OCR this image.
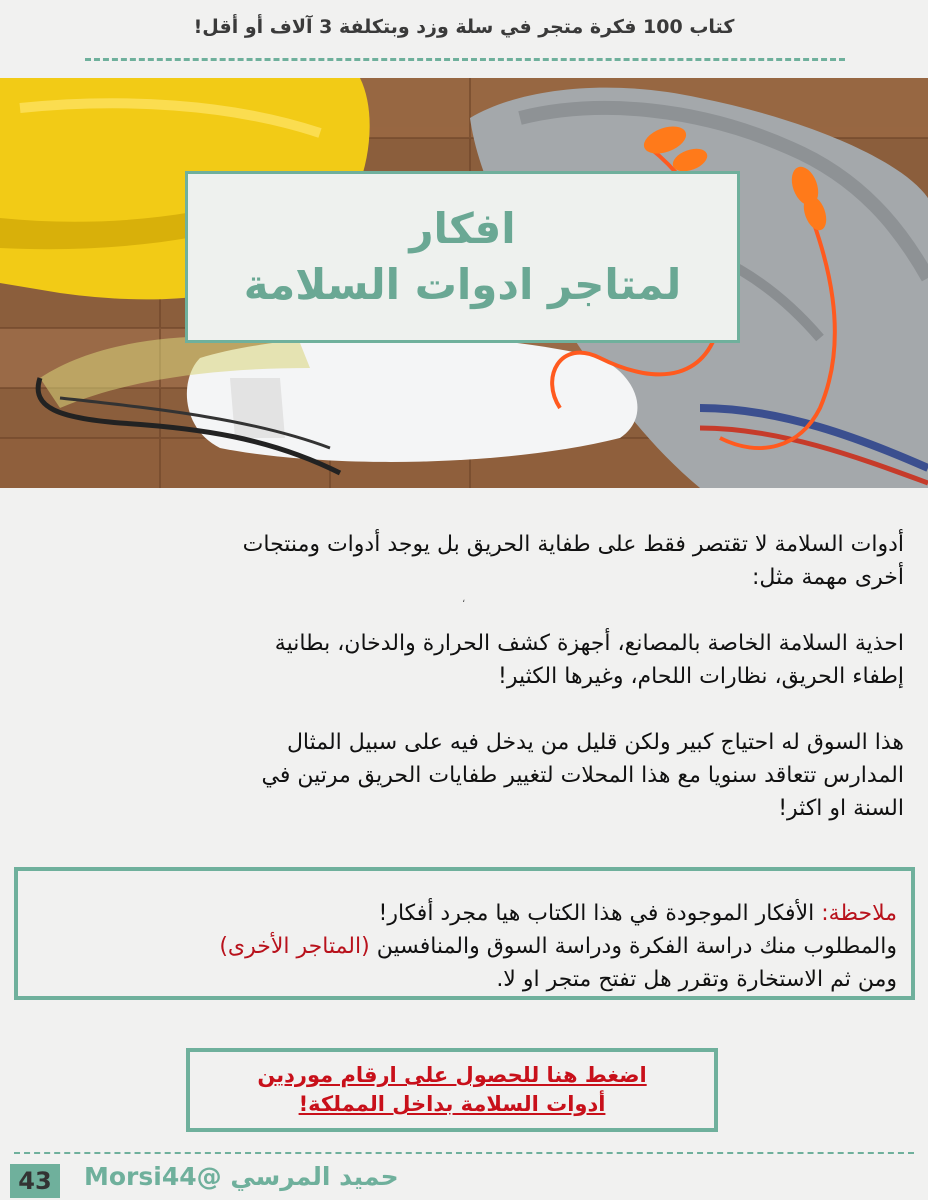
كتاب 100 فكرة متجر في سلة وزد وبتكلفة 3 آلاف أو أقل!
افكار
لمتاجر ادوات السلامة
،

أدوات السلامة لا تقتصر فقط على طفاية الحريق بل يوجد أدوات ومنتجات

أخرى مهمة مثل:

احذية السلامة الخاصة بالمصانع، أجهزة كشف الحرارة والدخان، بطانية

إطفاء الحريق، نظارات اللحام، وغيرها الكثير!

هذا السوق له احتياج كبير ولكن قليل من يدخل فيه على سبيل المثال

المدارس تتعاقد سنويا مع هذا المحلات لتغيير طفايات الحريق مرتين في

السنة او اكثر!

ملاحظة: الأفكار الموجودة في هذا الكتاب هيا مجرد أفكار!
والمطلوب منك دراسة الفكرة ودراسة السوق والمنافسين (المتاجر الأخرى)
ومن ثم الاستخارة وتقرر هل تفتح متجر او لا.
اضغط هنا للحصول على ارقام موردين
أدوات السلامة بداخل المملكة!
43	حميد المرسي @Morsi44
